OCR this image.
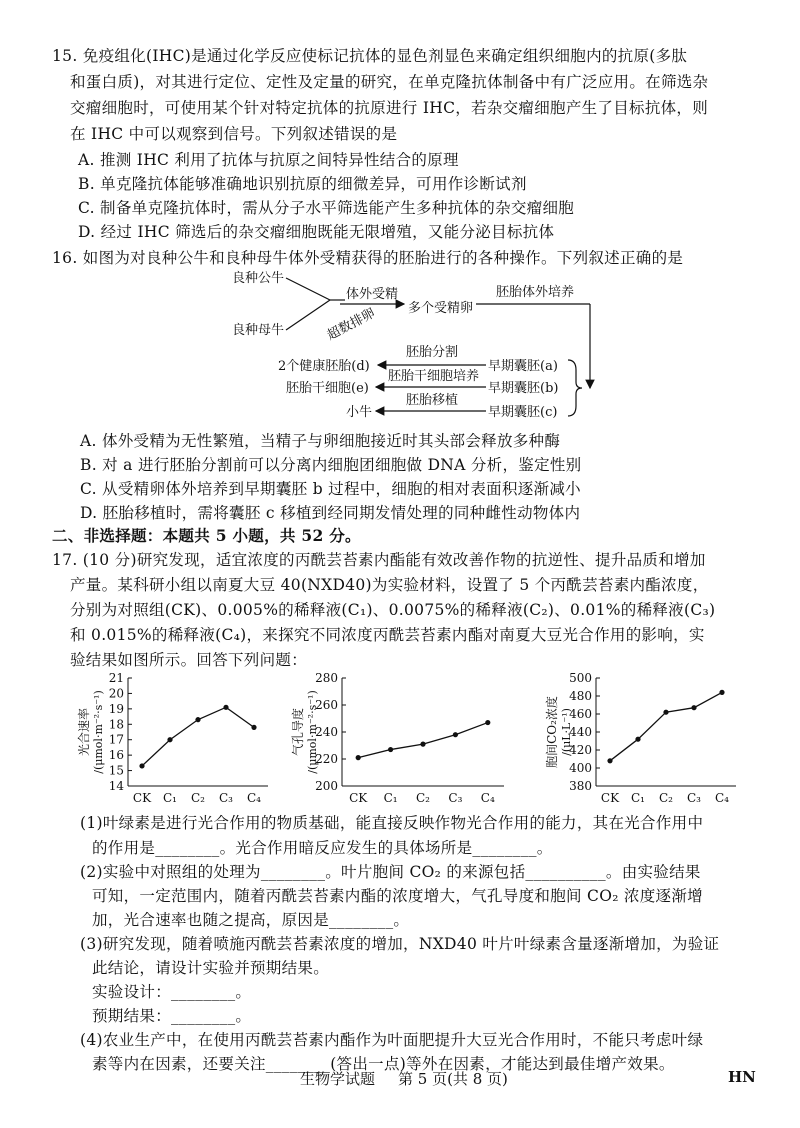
15. 免疫组化(IHC)是通过化学反应使标记抗体的显色剂显色来确定组织细胞内的抗原(多肽
和蛋白质)，对其进行定位、定性及定量的研究，在单克隆抗体制备中有广泛应用。在筛选杂
交瘤细胞时，可使用某个针对特定抗体的抗原进行 IHC，若杂交瘤细胞产生了目标抗体，则
在 IHC 中可以观察到信号。下列叙述错误的是
A. 推测 IHC 利用了抗体与抗原之间特异性结合的原理
B. 单克隆抗体能够准确地识别抗原的细微差异，可用作诊断试剂
C. 制备单克隆抗体时，需从分子水平筛选能产生多种抗体的杂交瘤细胞
D. 经过 IHC 筛选后的杂交瘤细胞既能无限增殖，又能分泌目标抗体
16. 如图为对良种公牛和良种母牛体外受精获得的胚胎进行的各种操作。下列叙述正确的是
良种公牛
良种母牛
体外受精
超数排卵 多个受精卵
胚胎体外培养
早期囊胚(a)
早期囊胚(b)
早期囊胚(c)
胚胎分割
胚胎干细胞培养
胚胎移植
2个健康胚胎(d)
胚胎干细胞(e)
小牛
A. 体外受精为无性繁殖，当精子与卵细胞接近时其头部会释放多种酶
B. 对 a 进行胚胎分割前可以分离内细胞团细胞做 DNA 分析，鉴定性别
C. 从受精卵体外培养到早期囊胚 b 过程中，细胞的相对表面积逐渐减小
D. 胚胎移植时，需将囊胚 c 移植到经同期发情处理的同种雌性动物体内
二、非选择题：本题共 5 小题，共 52 分。
17. (10 分)研究发现，适宜浓度的丙酰芸苔素内酯能有效改善作物的抗逆性、提升品质和增加
产量。某科研小组以南夏大豆 40(NXD40)为实验材料，设置了 5 个丙酰芸苔素内酯浓度，
分别为对照组(CK)、0.005%的稀释液(C₁)、0.0075%的稀释液(C₂)、0.01%的稀释液(C₃)
和 0.015%的稀释液(C₄)，来探究不同浓度丙酰芸苔素内酯对南夏大豆光合作用的影响，实
验结果如图所示。回答下列问题：
14
15
16
17
18
19
20
21
CK C₁ C₂ C₃ C₄
光合速率 /(μmol·m⁻²·s⁻¹)
200
220
240
260
280
CK C₁ C₂ C₃ C₄
气孔导度 /(μmol·m⁻²·s⁻¹)
380
400
420
440
460
480
500
CK C₁ C₂ C₃ C₄
胞间CO₂浓度 /(μL·L⁻¹)
(1)叶绿素是进行光合作用的物质基础，能直接反映作物光合作用的能力，其在光合作用中
的作用是________。光合作用暗反应发生的具体场所是________。
(2)实验中对照组的处理为________。叶片胞间 CO₂ 的来源包括__________。由实验结果
可知，一定范围内，随着丙酰芸苔素内酯的浓度增大，气孔导度和胞间 CO₂ 浓度逐渐增
加，光合速率也随之提高，原因是________。
(3)研究发现，随着喷施丙酰芸苔素浓度的增加，NXD40 叶片叶绿素含量逐渐增加，为验证
此结论，请设计实验并预期结果。
实验设计：________。
预期结果：________。
(4)农业生产中，在使用丙酰芸苔素内酯作为叶面肥提升大豆光合作用时，不能只考虑叶绿
素等内在因素，还要关注________(答出一点)等外在因素，才能达到最佳增产效果。
生物学试题 第 5 页(共 8 页)	HN
